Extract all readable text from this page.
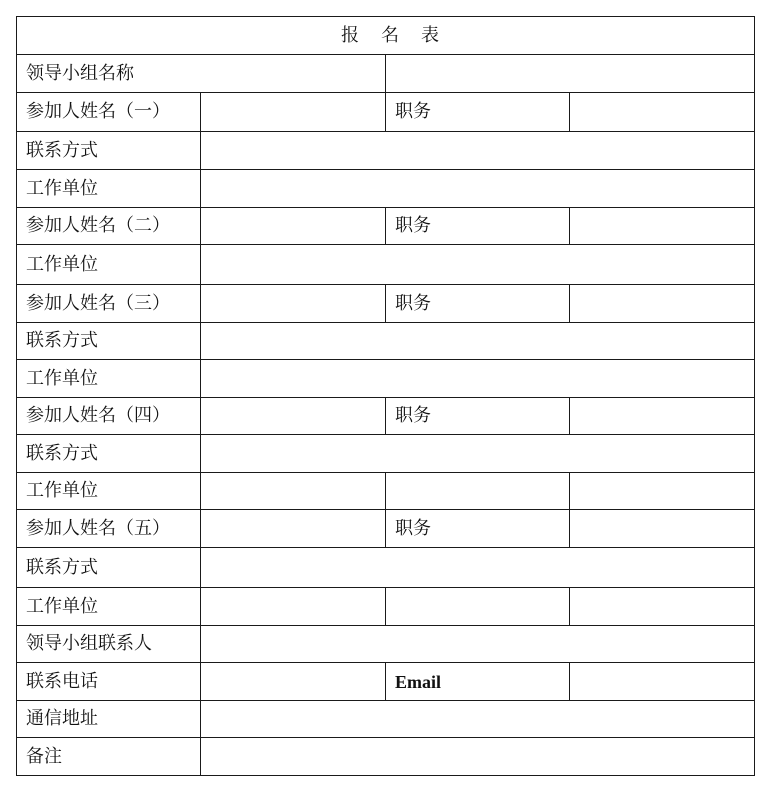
报名表			
领导小组名称			
参加人姓名（一）		职务	
联系方式			
工作单位			
参加人姓名（二）		职务	
工作单位			
参加人姓名（三）		职务	
联系方式			
工作单位			
参加人姓名（四）		职务	
联系方式			
工作单位			
参加人姓名（五）		职务	
联系方式			
工作单位			
领导小组联系人			
联系电话		Email	
通信地址			
备注			
